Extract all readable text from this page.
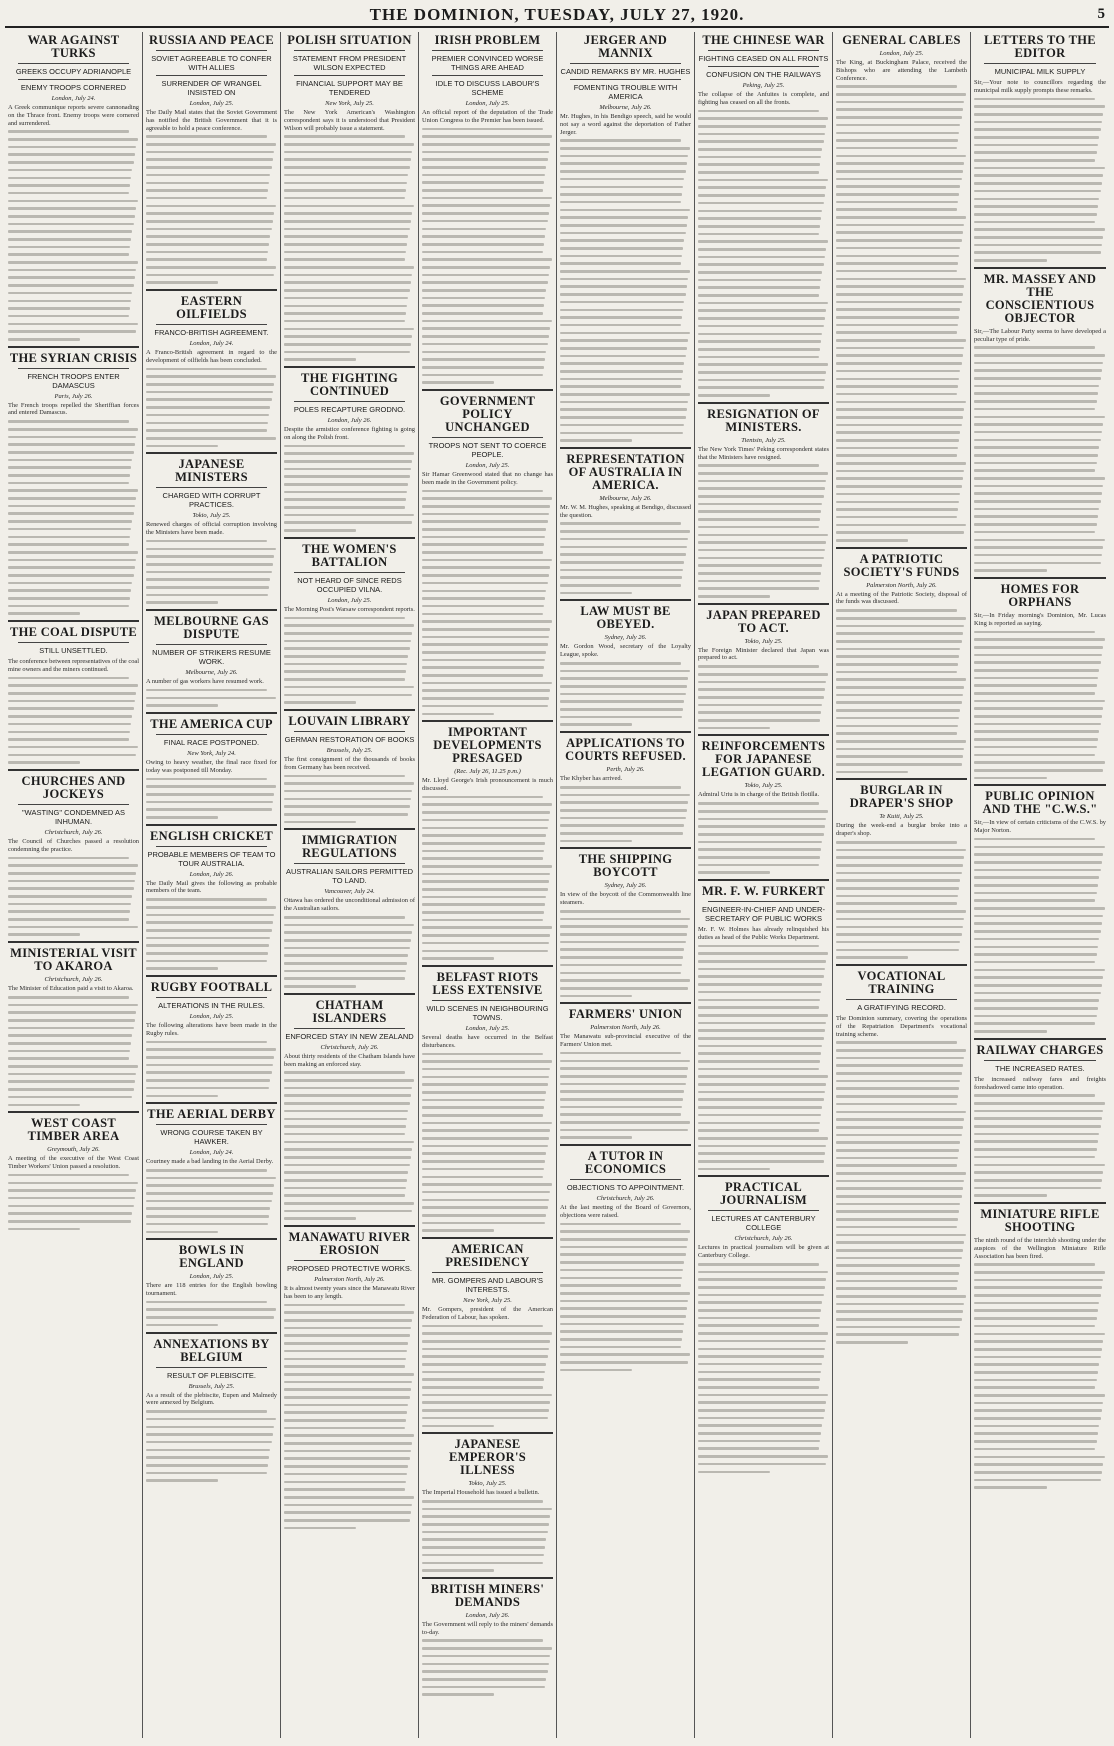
THE DOMINION, TUESDAY, JULY 27, 1920.	5
WAR AGAINST TURKS
GREEKS OCCUPY ADRIANOPLE
ENEMY TROOPS CORNERED
London, July 24.

A Greek communique reports severe cannonading on the Thrace front. Enemy troops were cornered and surrendered.

THE SYRIAN CRISIS
FRENCH TROOPS ENTER DAMASCUS
Paris, July 26.

The French troops repelled the Sheriffian forces and entered Damascus.

THE COAL DISPUTE
STILL UNSETTLED.

The conference between representatives of the coal mine owners and the miners continued.

CHURCHES AND JOCKEYS
"WASTING" CONDEMNED AS INHUMAN.
Christchurch, July 26.

The Council of Churches passed a resolution condemning the practice.

MINISTERIAL VISIT TO AKAROA
Christchurch, July 26.

The Minister of Education paid a visit to Akaroa.

WEST COAST TIMBER AREA
Greymouth, July 26.

A meeting of the executive of the West Coast Timber Workers' Union passed a resolution.

RUSSIA AND PEACE
SOVIET AGREEABLE TO CONFER WITH ALLIES
SURRENDER OF WRANGEL INSISTED ON
London, July 25.

The Daily Mail states that the Soviet Government has notified the British Government that it is agreeable to hold a peace conference.

EASTERN OILFIELDS
FRANCO-BRITISH AGREEMENT.
London, July 24.

A Franco-British agreement in regard to the development of oilfields has been concluded.

JAPANESE MINISTERS
CHARGED WITH CORRUPT PRACTICES.
Tokio, July 25.

Renewed charges of official corruption involving the Ministers have been made.

MELBOURNE GAS DISPUTE
NUMBER OF STRIKERS RESUME WORK.
Melbourne, July 26.

A number of gas workers have resumed work.

THE AMERICA CUP
FINAL RACE POSTPONED.
New York, July 24.

Owing to heavy weather, the final race fixed for today was postponed till Monday.

ENGLISH CRICKET
PROBABLE MEMBERS OF TEAM TO TOUR AUSTRALIA.
London, July 26.

The Daily Mail gives the following as probable members of the team.

RUGBY FOOTBALL
ALTERATIONS IN THE RULES.
London, July 25.

The following alterations have been made in the Rugby rules.

THE AERIAL DERBY
WRONG COURSE TAKEN BY HAWKER.
London, July 24.

Courtney made a bad landing in the Aerial Derby.

BOWLS IN ENGLAND
London, July 25.

There are 118 entries for the English bowling tournament.

ANNEXATIONS BY BELGIUM
RESULT OF PLEBISCITE.
Brussels, July 25.

As a result of the plebiscite, Eupen and Malmedy were annexed by Belgium.

POLISH SITUATION
STATEMENT FROM PRESIDENT WILSON EXPECTED
FINANCIAL SUPPORT MAY BE TENDERED
New York, July 25.

The New York American's Washington correspondent says it is understood that President Wilson will probably issue a statement.

THE FIGHTING CONTINUED
POLES RECAPTURE GRODNO.
London, July 26.

Despite the armistice conference fighting is going on along the Polish front.

THE WOMEN'S BATTALION
NOT HEARD OF SINCE REDS OCCUPIED VILNA.
London, July 25.

The Morning Post's Warsaw correspondent reports.

LOUVAIN LIBRARY
GERMAN RESTORATION OF BOOKS
Brussels, July 25.

The first consignment of the thousands of books from Germany has been received.

IMMIGRATION REGULATIONS
AUSTRALIAN SAILORS PERMITTED TO LAND.
Vancouver, July 24.

Ottawa has ordered the unconditional admission of the Australian sailors.

CHATHAM ISLANDERS
ENFORCED STAY IN NEW ZEALAND
Christchurch, July 26.

About thirty residents of the Chatham Islands have been making an enforced stay.

MANAWATU RIVER EROSION
PROPOSED PROTECTIVE WORKS.
Palmerston North, July 26.

It is almost twenty years since the Manawatu River has been to any length.

IRISH PROBLEM
PREMIER CONVINCED WORSE THINGS ARE AHEAD
IDLE TO DISCUSS LABOUR'S SCHEME
London, July 25.

An official report of the deputation of the Trade Union Congress to the Premier has been issued.

GOVERNMENT POLICY UNCHANGED
TROOPS NOT SENT TO COERCE PEOPLE.
London, July 25.

Sir Hamar Greenwood stated that no change has been made in the Government policy.

IMPORTANT DEVELOPMENTS PRESAGED
(Rec. July 26, 11.25 p.m.)

Mr. Lloyd George's Irish pronouncement is much discussed.

BELFAST RIOTS LESS EXTENSIVE
WILD SCENES IN NEIGHBOURING TOWNS.
London, July 25.

Several deaths have occurred in the Belfast disturbances.

AMERICAN PRESIDENCY
MR. GOMPERS AND LABOUR'S INTERESTS.
New York, July 25.

Mr. Gompers, president of the American Federation of Labour, has spoken.

JAPANESE EMPEROR'S ILLNESS
Tokio, July 25.

The Imperial Household has issued a bulletin.

BRITISH MINERS' DEMANDS
London, July 26.

The Government will reply to the miners' demands to-day.

JERGER AND MANNIX
CANDID REMARKS BY MR. HUGHES
FOMENTING TROUBLE WITH AMERICA
Melbourne, July 26.

Mr. Hughes, in his Bendigo speech, said he would not say a word against the deportation of Father Jerger.

REPRESENTATION OF AUSTRALIA IN AMERICA.
Melbourne, July 26.

Mr. W. M. Hughes, speaking at Bendigo, discussed the question.

LAW MUST BE OBEYED.
Sydney, July 26.

Mr. Gordon Wood, secretary of the Loyalty League, spoke.

APPLICATIONS TO COURTS REFUSED.
Perth, July 26.

The Khyber has arrived.

THE SHIPPING BOYCOTT
Sydney, July 26.

In view of the boycott of the Commonwealth line steamers.

FARMERS' UNION
Palmerston North, July 26.

The Manawatu sub-provincial executive of the Farmers' Union met.

A TUTOR IN ECONOMICS
OBJECTIONS TO APPOINTMENT.
Christchurch, July 26.

At the last meeting of the Board of Governors, objections were raised.

THE CHINESE WAR
FIGHTING CEASED ON ALL FRONTS
CONFUSION ON THE RAILWAYS
Peking, July 25.

The collapse of the Anfuites is complete, and fighting has ceased on all the fronts.

RESIGNATION OF MINISTERS.
Tientsin, July 25.

The New York Times' Peking correspondent states that the Ministers have resigned.

JAPAN PREPARED TO ACT.
Tokio, July 25.

The Foreign Minister declared that Japan was prepared to act.

REINFORCEMENTS FOR JAPANESE LEGATION GUARD.
Tokio, July 25.

Admiral Uriu is in charge of the British flotilla.

MR. F. W. FURKERT
ENGINEER-IN-CHIEF AND UNDER-SECRETARY OF PUBLIC WORKS

Mr. F. W. Holmes has already relinquished his duties as head of the Public Works Department.

PRACTICAL JOURNALISM
LECTURES AT CANTERBURY COLLEGE
Christchurch, July 26.

Lectures in practical journalism will be given at Canterbury College.

GENERAL CABLES
London, July 25.

The King, at Buckingham Palace, received the Bishops who are attending the Lambeth Conference.

A PATRIOTIC SOCIETY'S FUNDS
Palmerston North, July 26.

At a meeting of the Patriotic Society, disposal of the funds was discussed.

BURGLAR IN DRAPER'S SHOP
Te Kuiti, July 25.

During the week-end a burglar broke into a draper's shop.

VOCATIONAL TRAINING
A GRATIFYING RECORD.

The Dominion summary, covering the operations of the Repatriation Department's vocational training scheme.

LETTERS TO THE EDITOR
MUNICIPAL MILK SUPPLY

Sir,—Your note to councillors regarding the municipal milk supply prompts these remarks.

MR. MASSEY AND THE CONSCIENTIOUS OBJECTOR

Sir,—The Labour Party seems to have developed a peculiar type of pride.

HOMES FOR ORPHANS

Sir,—In Friday morning's Dominion, Mr. Lucas King is reported as saying.

PUBLIC OPINION AND THE "C.W.S."

Sir,—In view of certain criticisms of the C.W.S. by Major Norton.

RAILWAY CHARGES
THE INCREASED RATES.

The increased railway fares and freights foreshadowed came into operation.

MINIATURE RIFLE SHOOTING

The ninth round of the interclub shooting under the auspices of the Wellington Miniature Rifle Association has been fired.
